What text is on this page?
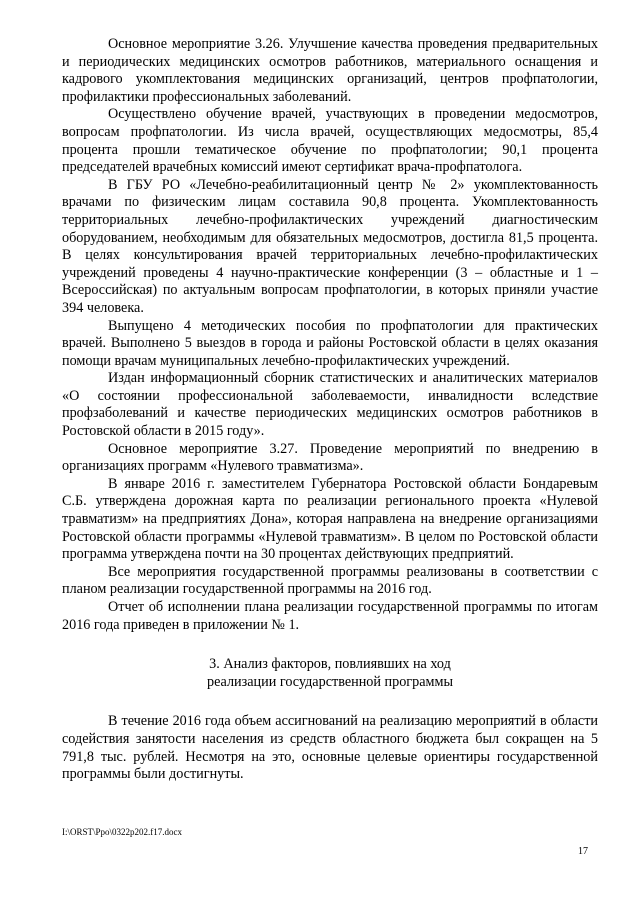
Основное мероприятие 3.26. Улучшение качества проведения предварительных и периодических медицинских осмотров работников, материального оснащения и кадрового укомплектования медицинских организаций, центров профпатологии, профилактики профессиональных заболеваний.

Осуществлено обучение врачей, участвующих в проведении медосмотров, вопросам профпатологии. Из числа врачей, осуществляющих медосмотры, 85,4 процента прошли тематическое обучение по профпатологии; 90,1 процента председателей врачебных комиссий имеют сертификат врача-профпатолога.

В ГБУ РО «Лечебно-реабилитационный центр № 2» укомплектованность врачами по физическим лицам составила 90,8 процента. Укомплектованность территориальных лечебно-профилактических учреждений диагностическим оборудованием, необходимым для обязательных медосмотров, достигла 81,5 процента. В целях консультирования врачей территориальных лечебно-профилактических учреждений проведены 4 научно-практические конференции (3 – областные и 1 – Всероссийская) по актуальным вопросам профпатологии, в которых приняли участие 394 человека.

Выпущено 4 методических пособия по профпатологии для практических врачей. Выполнено 5 выездов в города и районы Ростовской области в целях оказания помощи врачам муниципальных лечебно-профилактических учреждений.

Издан информационный сборник статистических и аналитических материалов «О состоянии профессиональной заболеваемости, инвалидности вследствие профзаболеваний и качестве периодических медицинских осмотров работников в Ростовской области в 2015 году».

Основное мероприятие 3.27. Проведение мероприятий по внедрению в организациях программ «Нулевого травматизма».

В январе 2016 г. заместителем Губернатора Ростовской области Бондаревым С.Б. утверждена дорожная карта по реализации регионального проекта «Нулевой травматизм» на предприятиях Дона», которая направлена на внедрение организациями Ростовской области программы «Нулевой травматизм». В целом по Ростовской области программа утверждена почти на 30 процентах действующих предприятий.

Все мероприятия государственной программы реализованы в соответствии с планом реализации государственной программы на 2016 год.

Отчет об исполнении плана реализации государственной программы по итогам 2016 года приведен в приложении № 1.

3. Анализ факторов, повлиявших на ход
реализации государственной программы

В течение 2016 года объем ассигнований на реализацию мероприятий в области содействия занятости населения из средств областного бюджета был сокращен на 5 791,8 тыс. рублей. Несмотря на это, основные целевые ориентиры государственной программы были достигнуты.

I:\ORST\Ppo\0322p202.f17.docx
17
